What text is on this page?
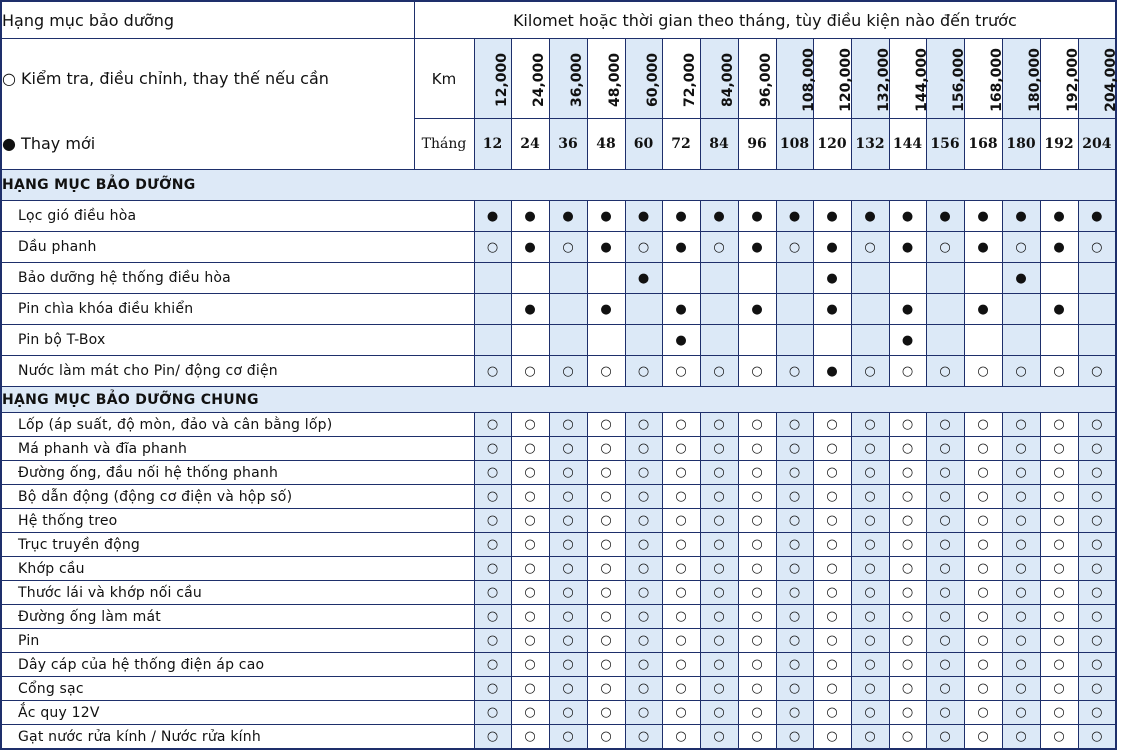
Hạng mục bảo dưỡng	Kilomet hoặc thời gian theo tháng, tùy điều kiện nào đến trước																	
○ Kiểm tra, điều chỉnh, thay thế nếu cần	Km	12,000	24,000	36,000	48,000	60,000	72,000	84,000	96,000	108,000	120,000	132,000	144,000	156,000	168,000	180,000	192,000	204,000
● Thay mới	Tháng	12	24	36	48	60	72	84	96	108	120	132	144	156	168	180	192	204
HẠNG MỤC BẢO DƯỠNG																		
Lọc gió điều hòa		●	●	●	●	●	●	●	●	●	●	●	●	●	●	●	●	●
Dầu phanh		○	●	○	●	○	●	○	●	○	●	○	●	○	●	○	●	○
Bảo dưỡng hệ thống điều hòa						●					●					●		
Pin chìa khóa điều khiển			●		●		●		●		●		●		●		●	
Pin bộ T-Box							●						●					
Nước làm mát cho Pin/ động cơ điện		○	○	○	○	○	○	○	○	○	●	○	○	○	○	○	○	○
HẠNG MỤC BẢO DƯỠNG CHUNG																		
Lốp (áp suất, độ mòn, đảo và cân bằng lốp)		○	○	○	○	○	○	○	○	○	○	○	○	○	○	○	○	○
Má phanh và đĩa phanh		○	○	○	○	○	○	○	○	○	○	○	○	○	○	○	○	○
Đường ống, đầu nối hệ thống phanh		○	○	○	○	○	○	○	○	○	○	○	○	○	○	○	○	○
Bộ dẫn động (động cơ điện và hộp số)		○	○	○	○	○	○	○	○	○	○	○	○	○	○	○	○	○
Hệ thống treo		○	○	○	○	○	○	○	○	○	○	○	○	○	○	○	○	○
Trục truyền động		○	○	○	○	○	○	○	○	○	○	○	○	○	○	○	○	○
Khớp cầu		○	○	○	○	○	○	○	○	○	○	○	○	○	○	○	○	○
Thước lái và khớp nối cầu		○	○	○	○	○	○	○	○	○	○	○	○	○	○	○	○	○
Đường ống làm mát		○	○	○	○	○	○	○	○	○	○	○	○	○	○	○	○	○
Pin		○	○	○	○	○	○	○	○	○	○	○	○	○	○	○	○	○
Dây cáp của hệ thống điện áp cao		○	○	○	○	○	○	○	○	○	○	○	○	○	○	○	○	○
Cổng sạc		○	○	○	○	○	○	○	○	○	○	○	○	○	○	○	○	○
Ắc quy 12V		○	○	○	○	○	○	○	○	○	○	○	○	○	○	○	○	○
Gạt nước rửa kính / Nước rửa kính		○	○	○	○	○	○	○	○	○	○	○	○	○	○	○	○	○
